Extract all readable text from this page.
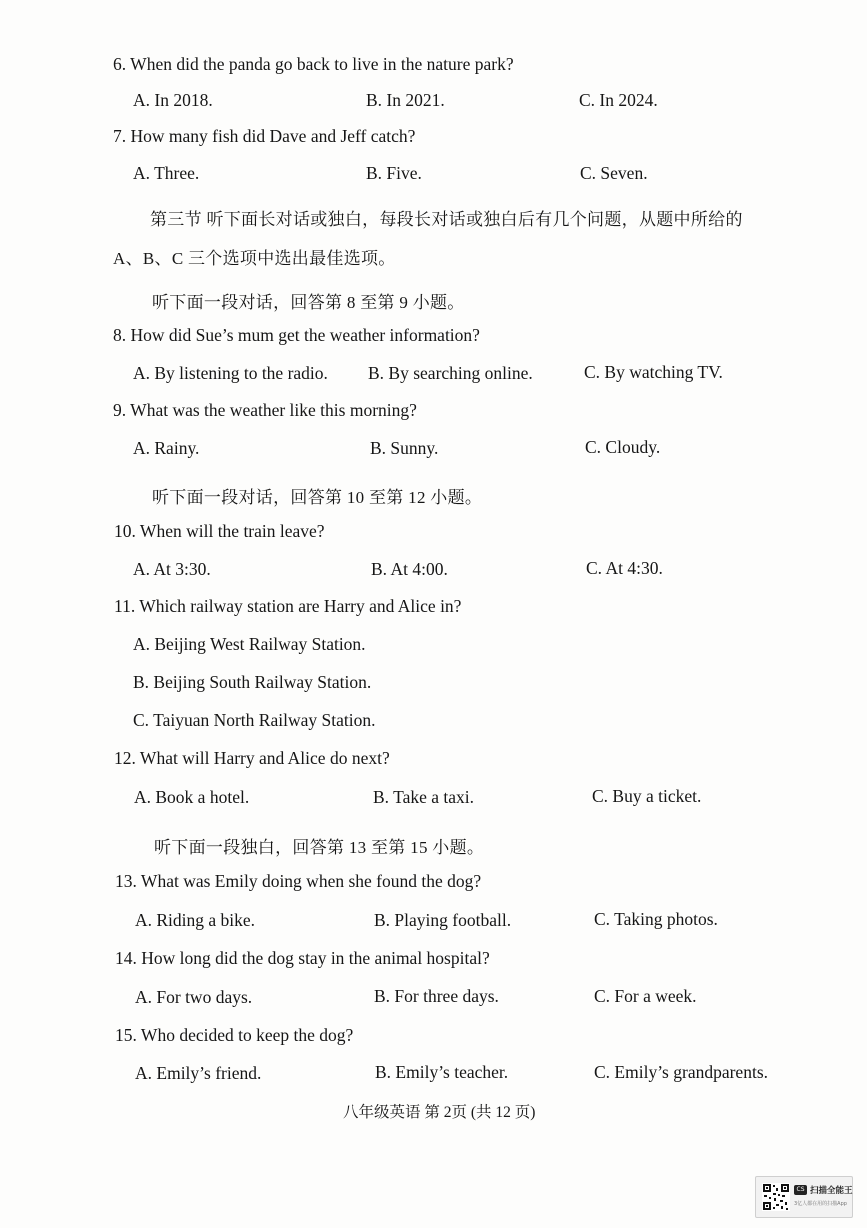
6. When did the panda go back to live in the nature park?
A. In 2018.	B. In 2021.	C. In 2024.
7. How many fish did Dave and Jeff catch?
A. Three.	B. Five.	C. Seven.
第三节 听下面长对话或独白，每段长对话或独白后有几个问题，从题中所给的
A、B、C 三个选项中选出最佳选项。
听下面一段对话，回答第 8 至第 9 小题。
8. How did Sue’s mum get the weather information?
A. By listening to the radio. B. By searching online.	C. By watching TV.
9. What was the weather like this morning?
A. Rainy.	B. Sunny.	C. Cloudy.
听下面一段对话，回答第 10 至第 12 小题。
10. When will the train leave?
A. At 3:30.	B. At 4:00.	C. At 4:30.
11. Which railway station are Harry and Alice in?
A. Beijing West Railway Station.
B. Beijing South Railway Station.
C. Taiyuan North Railway Station.
12. What will Harry and Alice do next?
A. Book a hotel.	B. Take a taxi.	C. Buy a ticket.
听下面一段独白，回答第 13 至第 15 小题。
13. What was Emily doing when she found the dog?
A. Riding a bike.	B. Playing football.	C. Taking photos.
14. How long did the dog stay in the animal hospital?
A. For two days.	B. For three days.	C. For a week.
15. Who decided to keep the dog?
A. Emily’s friend.	B. Emily’s teacher.	C. Emily’s grandparents.
八年级英语 第 2页 (共 12 页)
CS 扫描全能王
3亿人都在用的扫描App
